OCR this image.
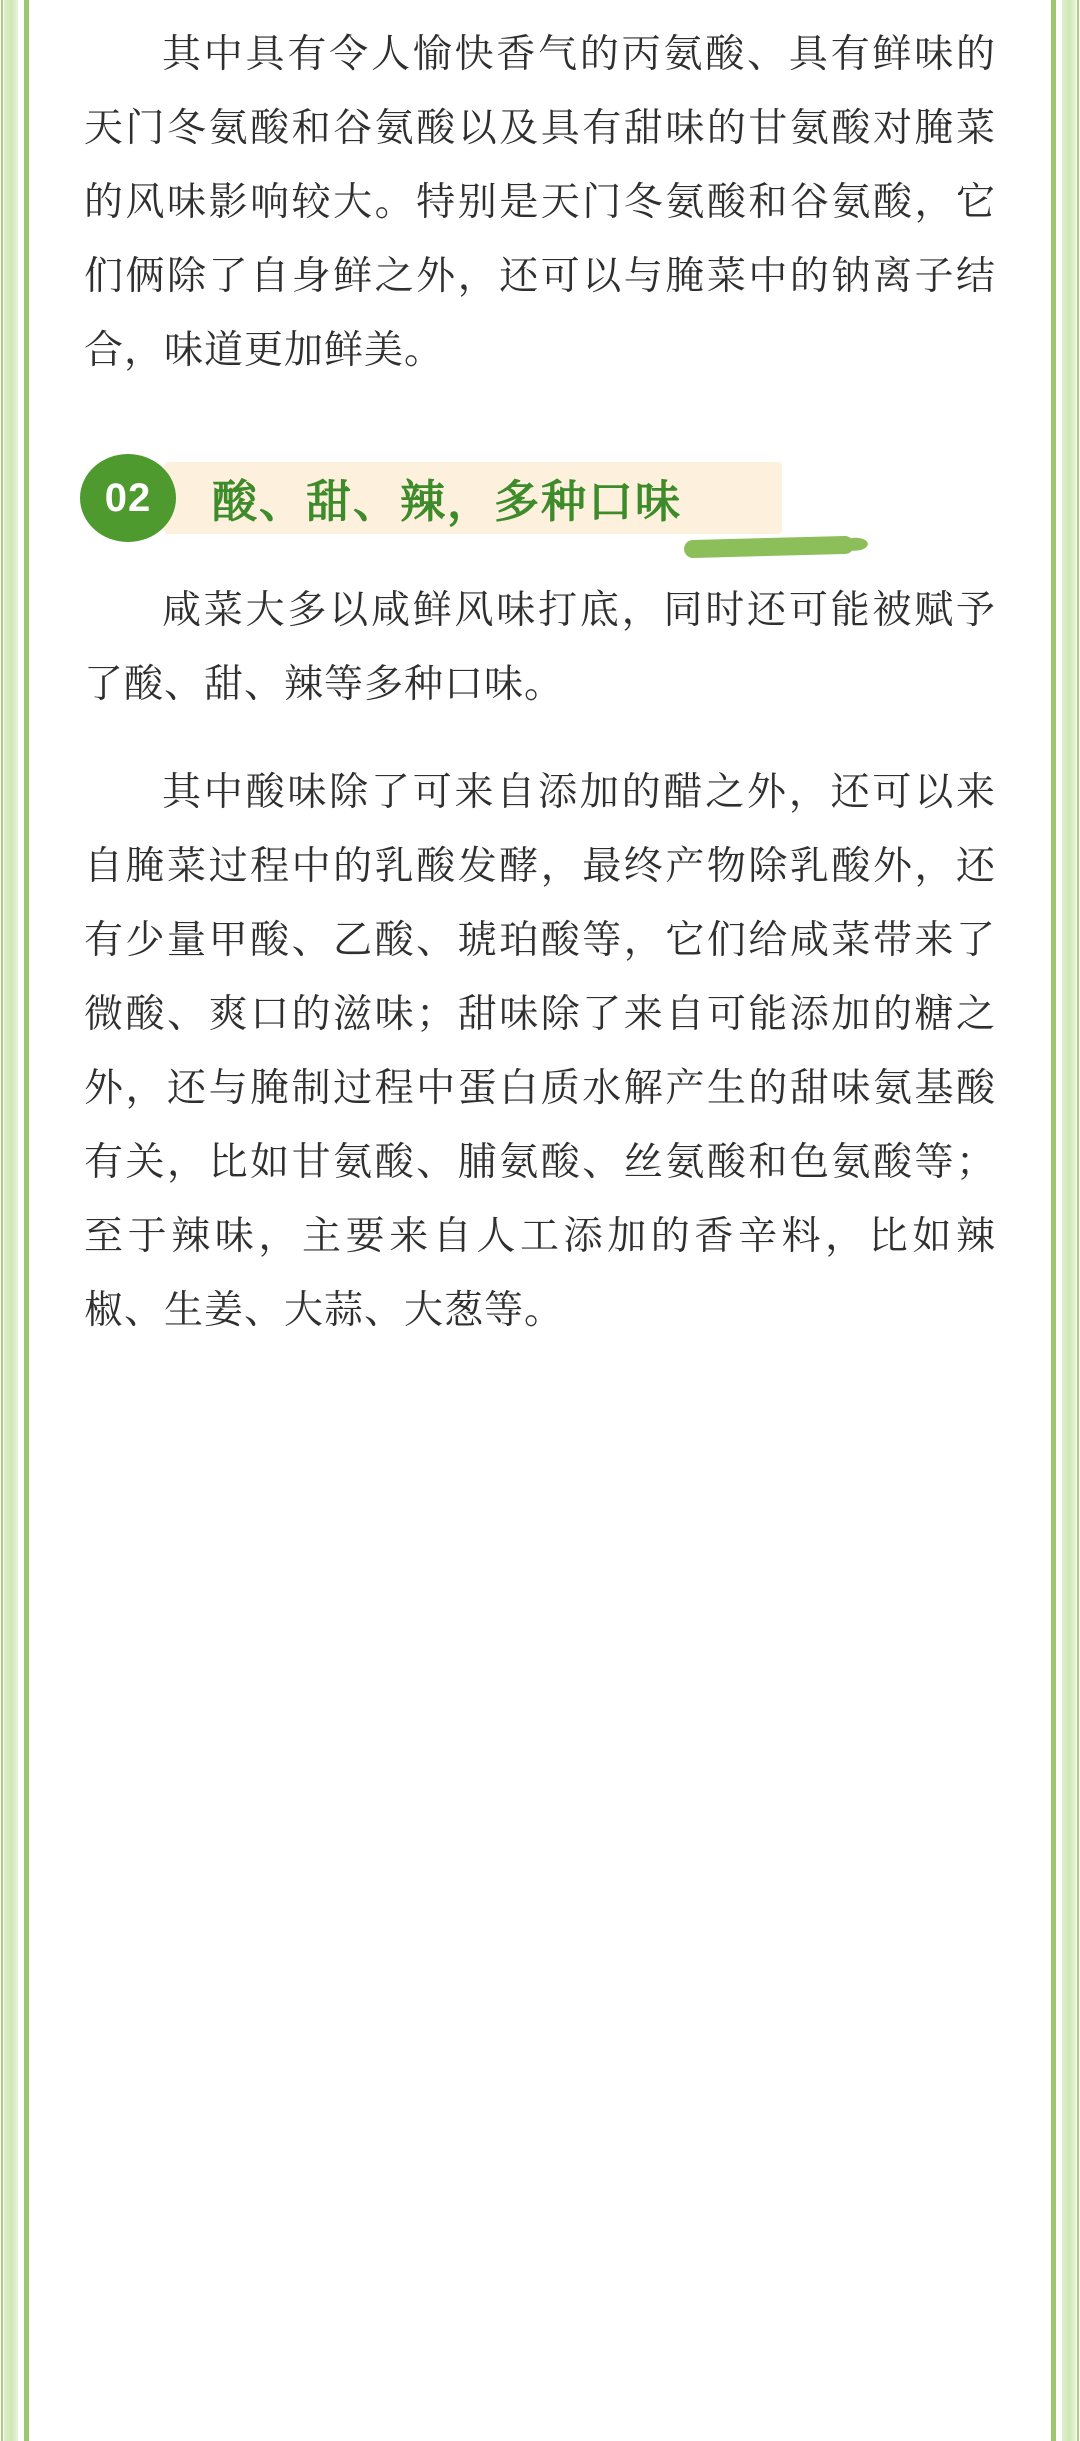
其中具有令人愉快香气的丙氨酸、具有鲜味的天门冬氨酸和谷氨酸以及具有甜味的甘氨酸对腌菜的风味影响较大。特别是天门冬氨酸和谷氨酸，它们俩除了自身鲜之外，还可以与腌菜中的钠离子结合，味道更加鲜美。

02	酸、甜、辣，多种口味

咸菜大多以咸鲜风味打底，同时还可能被赋予了酸、甜、辣等多种口味。

其中酸味除了可来自添加的醋之外，还可以来自腌菜过程中的乳酸发酵，最终产物除乳酸外，还有少量甲酸、乙酸、琥珀酸等，它们给咸菜带来了微酸、爽口的滋味；甜味除了来自可能添加的糖之外，还与腌制过程中蛋白质水解产生的甜味氨基酸有关，比如甘氨酸、脯氨酸、丝氨酸和色氨酸等；至于辣味，主要来自人工添加的香辛料，比如辣椒、生姜、大蒜、大葱等。
